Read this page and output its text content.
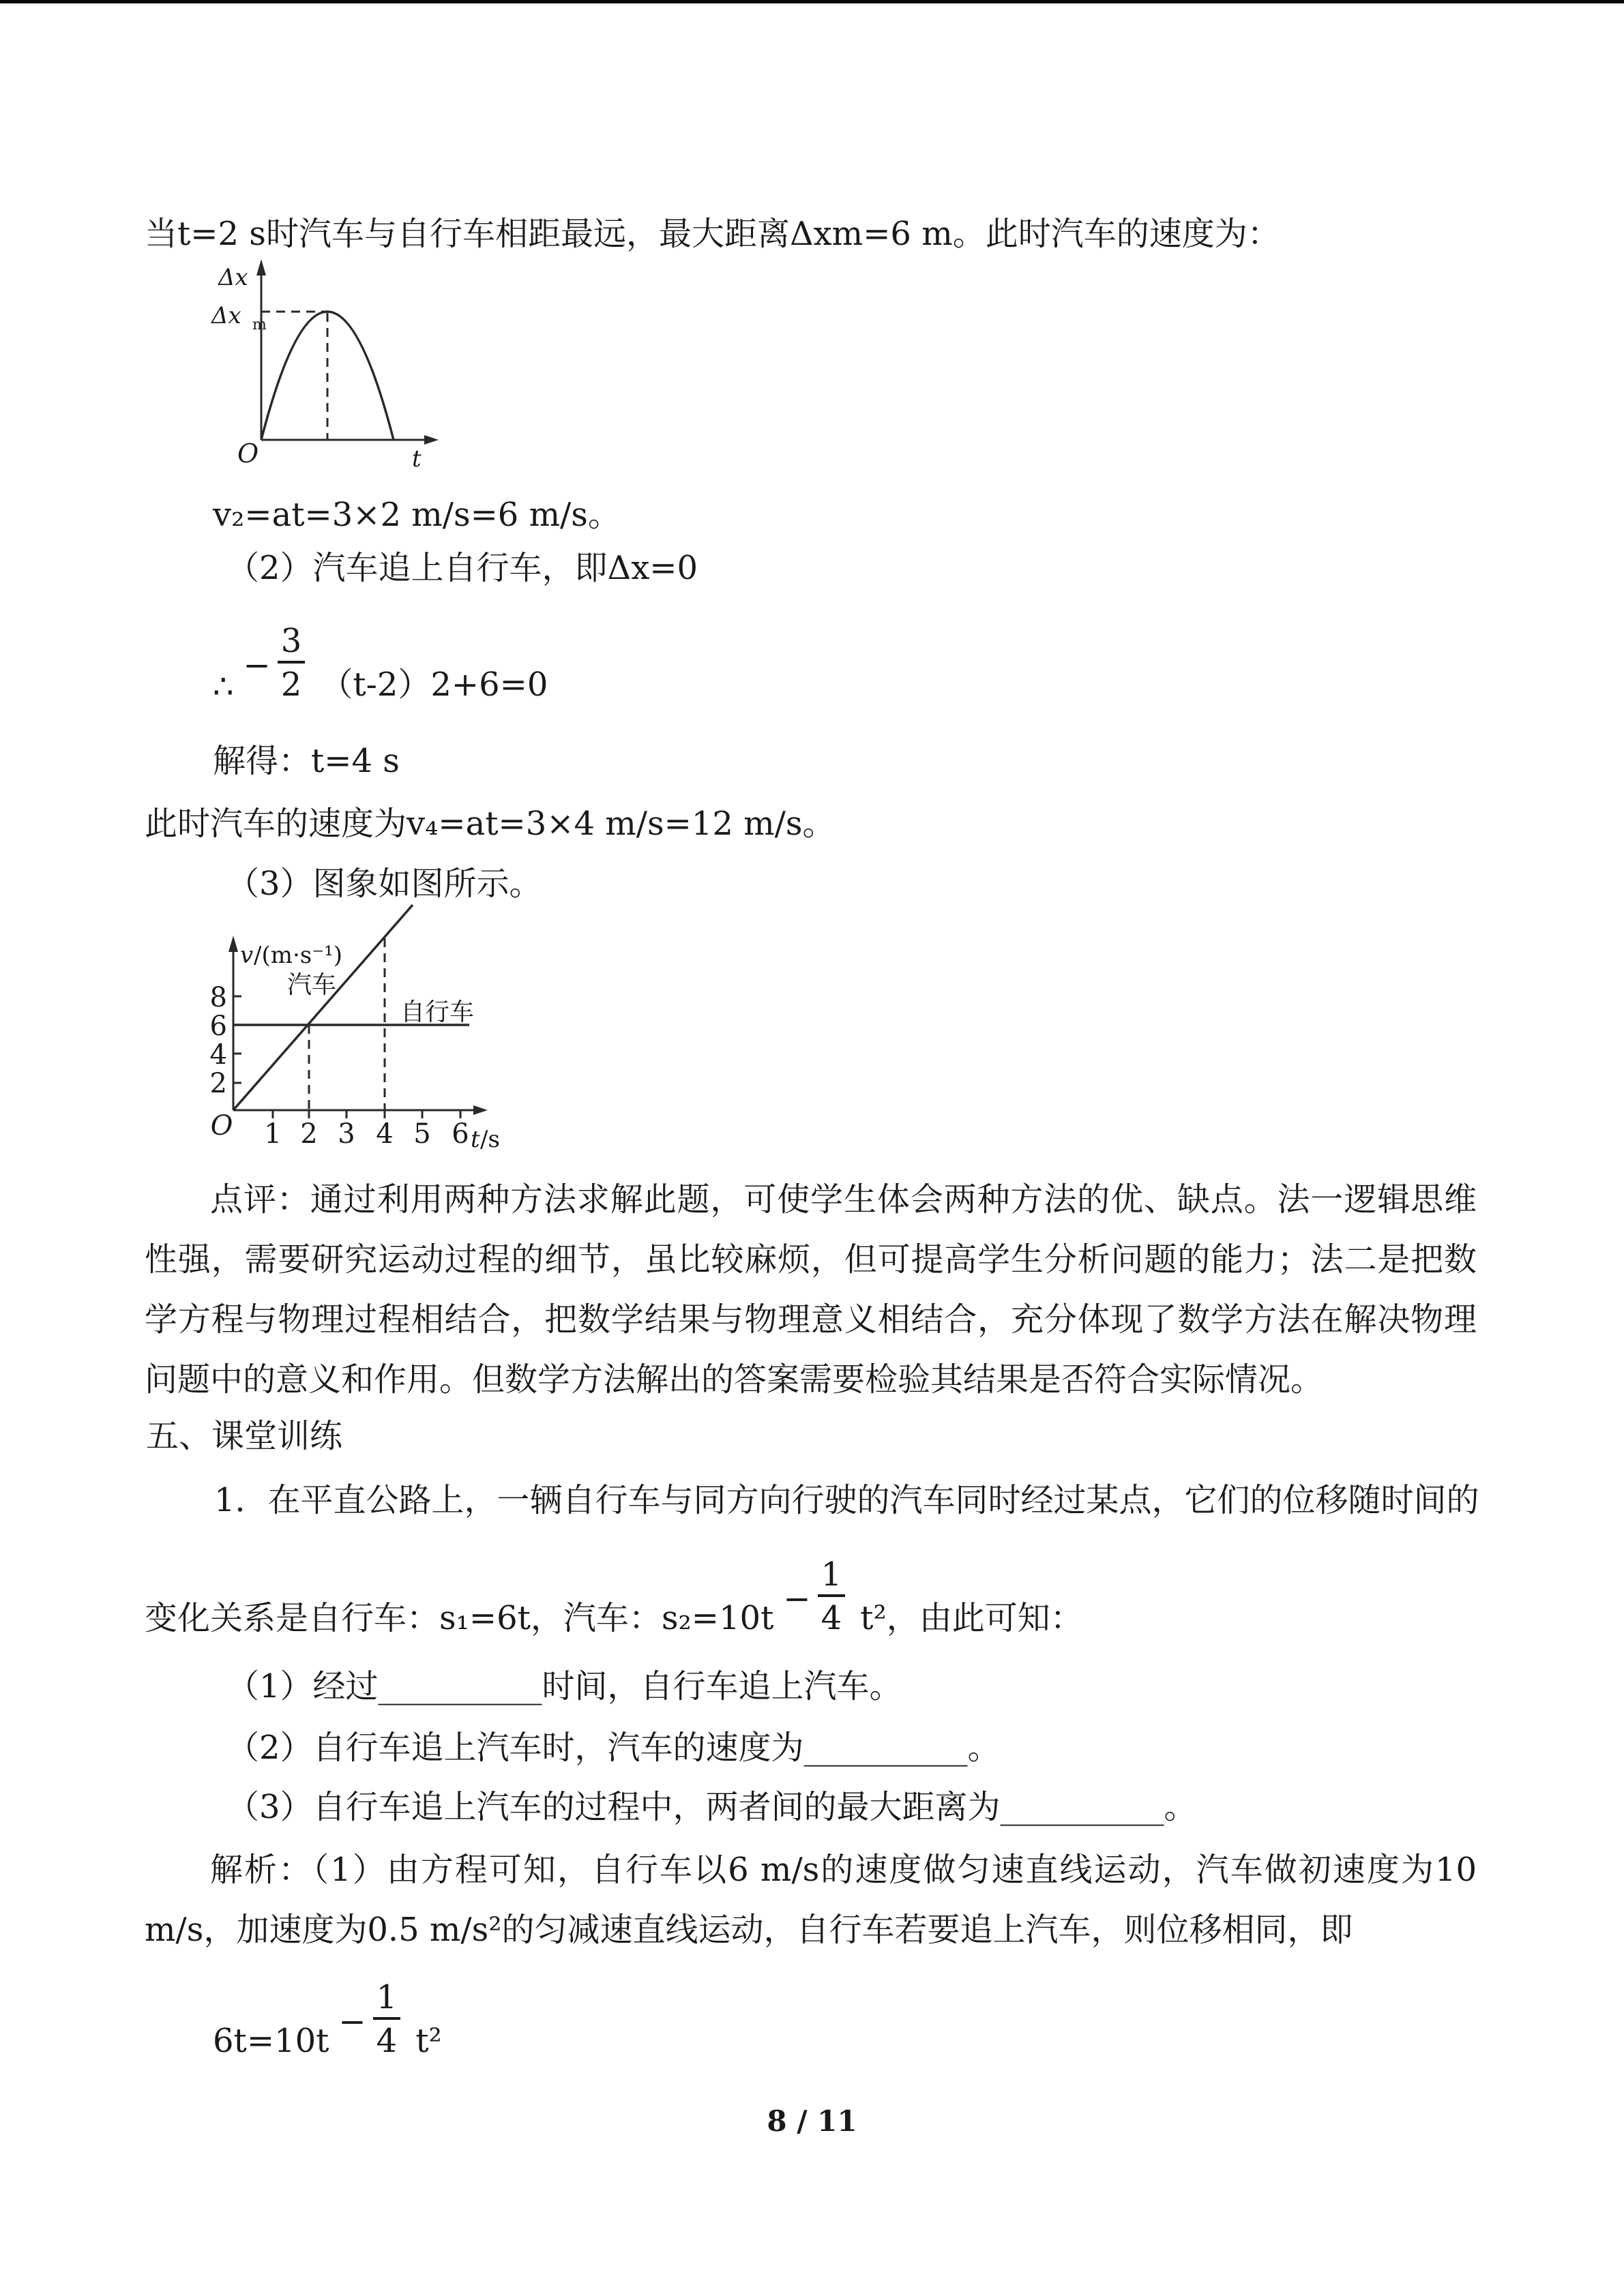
当t=2 s时汽车与自行车相距最远，最大距离Δxm=6 m。此时汽车的速度为：
Δx
Δx m
O	t
v₂=at=3×2 m/s=6 m/s。
（2）汽车追上自行车，即Δx=0
∴
−
3
2 （t-2）2+6=0
解得：t=4 s
此时汽车的速度为v₄=at=3×4 m/s=12 m/s。
（3）图象如图所示。
v /(m·s⁻¹)
汽车
自行车
8
6
4
2
1 2 3 4 5 6
O	t /s
点评：通过利用两种方法求解此题，可使学生体会两种方法的优、缺点。法一逻辑思维性强，需要研究运动过程的细节，虽比较麻烦，但可提高学生分析问题的能力；法二是把数学方程与物理过程相结合，把数学结果与物理意义相结合，充分体现了数学方法在解决物理问题中的意义和作用。但数学方法解出的答案需要检验其结果是否符合实际情况。
五、课堂训练
1．在平直公路上，一辆自行车与同方向行驶的汽车同时经过某点，它们的位移随时间的
变化关系是自行车：s₁=6t，汽车：s₂=10t
−
1
4 t²，由此可知：
（1）经过__________时间，自行车追上汽车。
（2）自行车追上汽车时，汽车的速度为__________。
（3）自行车追上汽车的过程中，两者间的最大距离为__________。
解析：（1）由方程可知，自行车以6 m/s的速度做匀速直线运动，汽车做初速度为10 m/s，加速度为0.5 m/s²的匀减速直线运动，自行车若要追上汽车，则位移相同，即
6t=10t
−
1
4 t²
8 / 11
